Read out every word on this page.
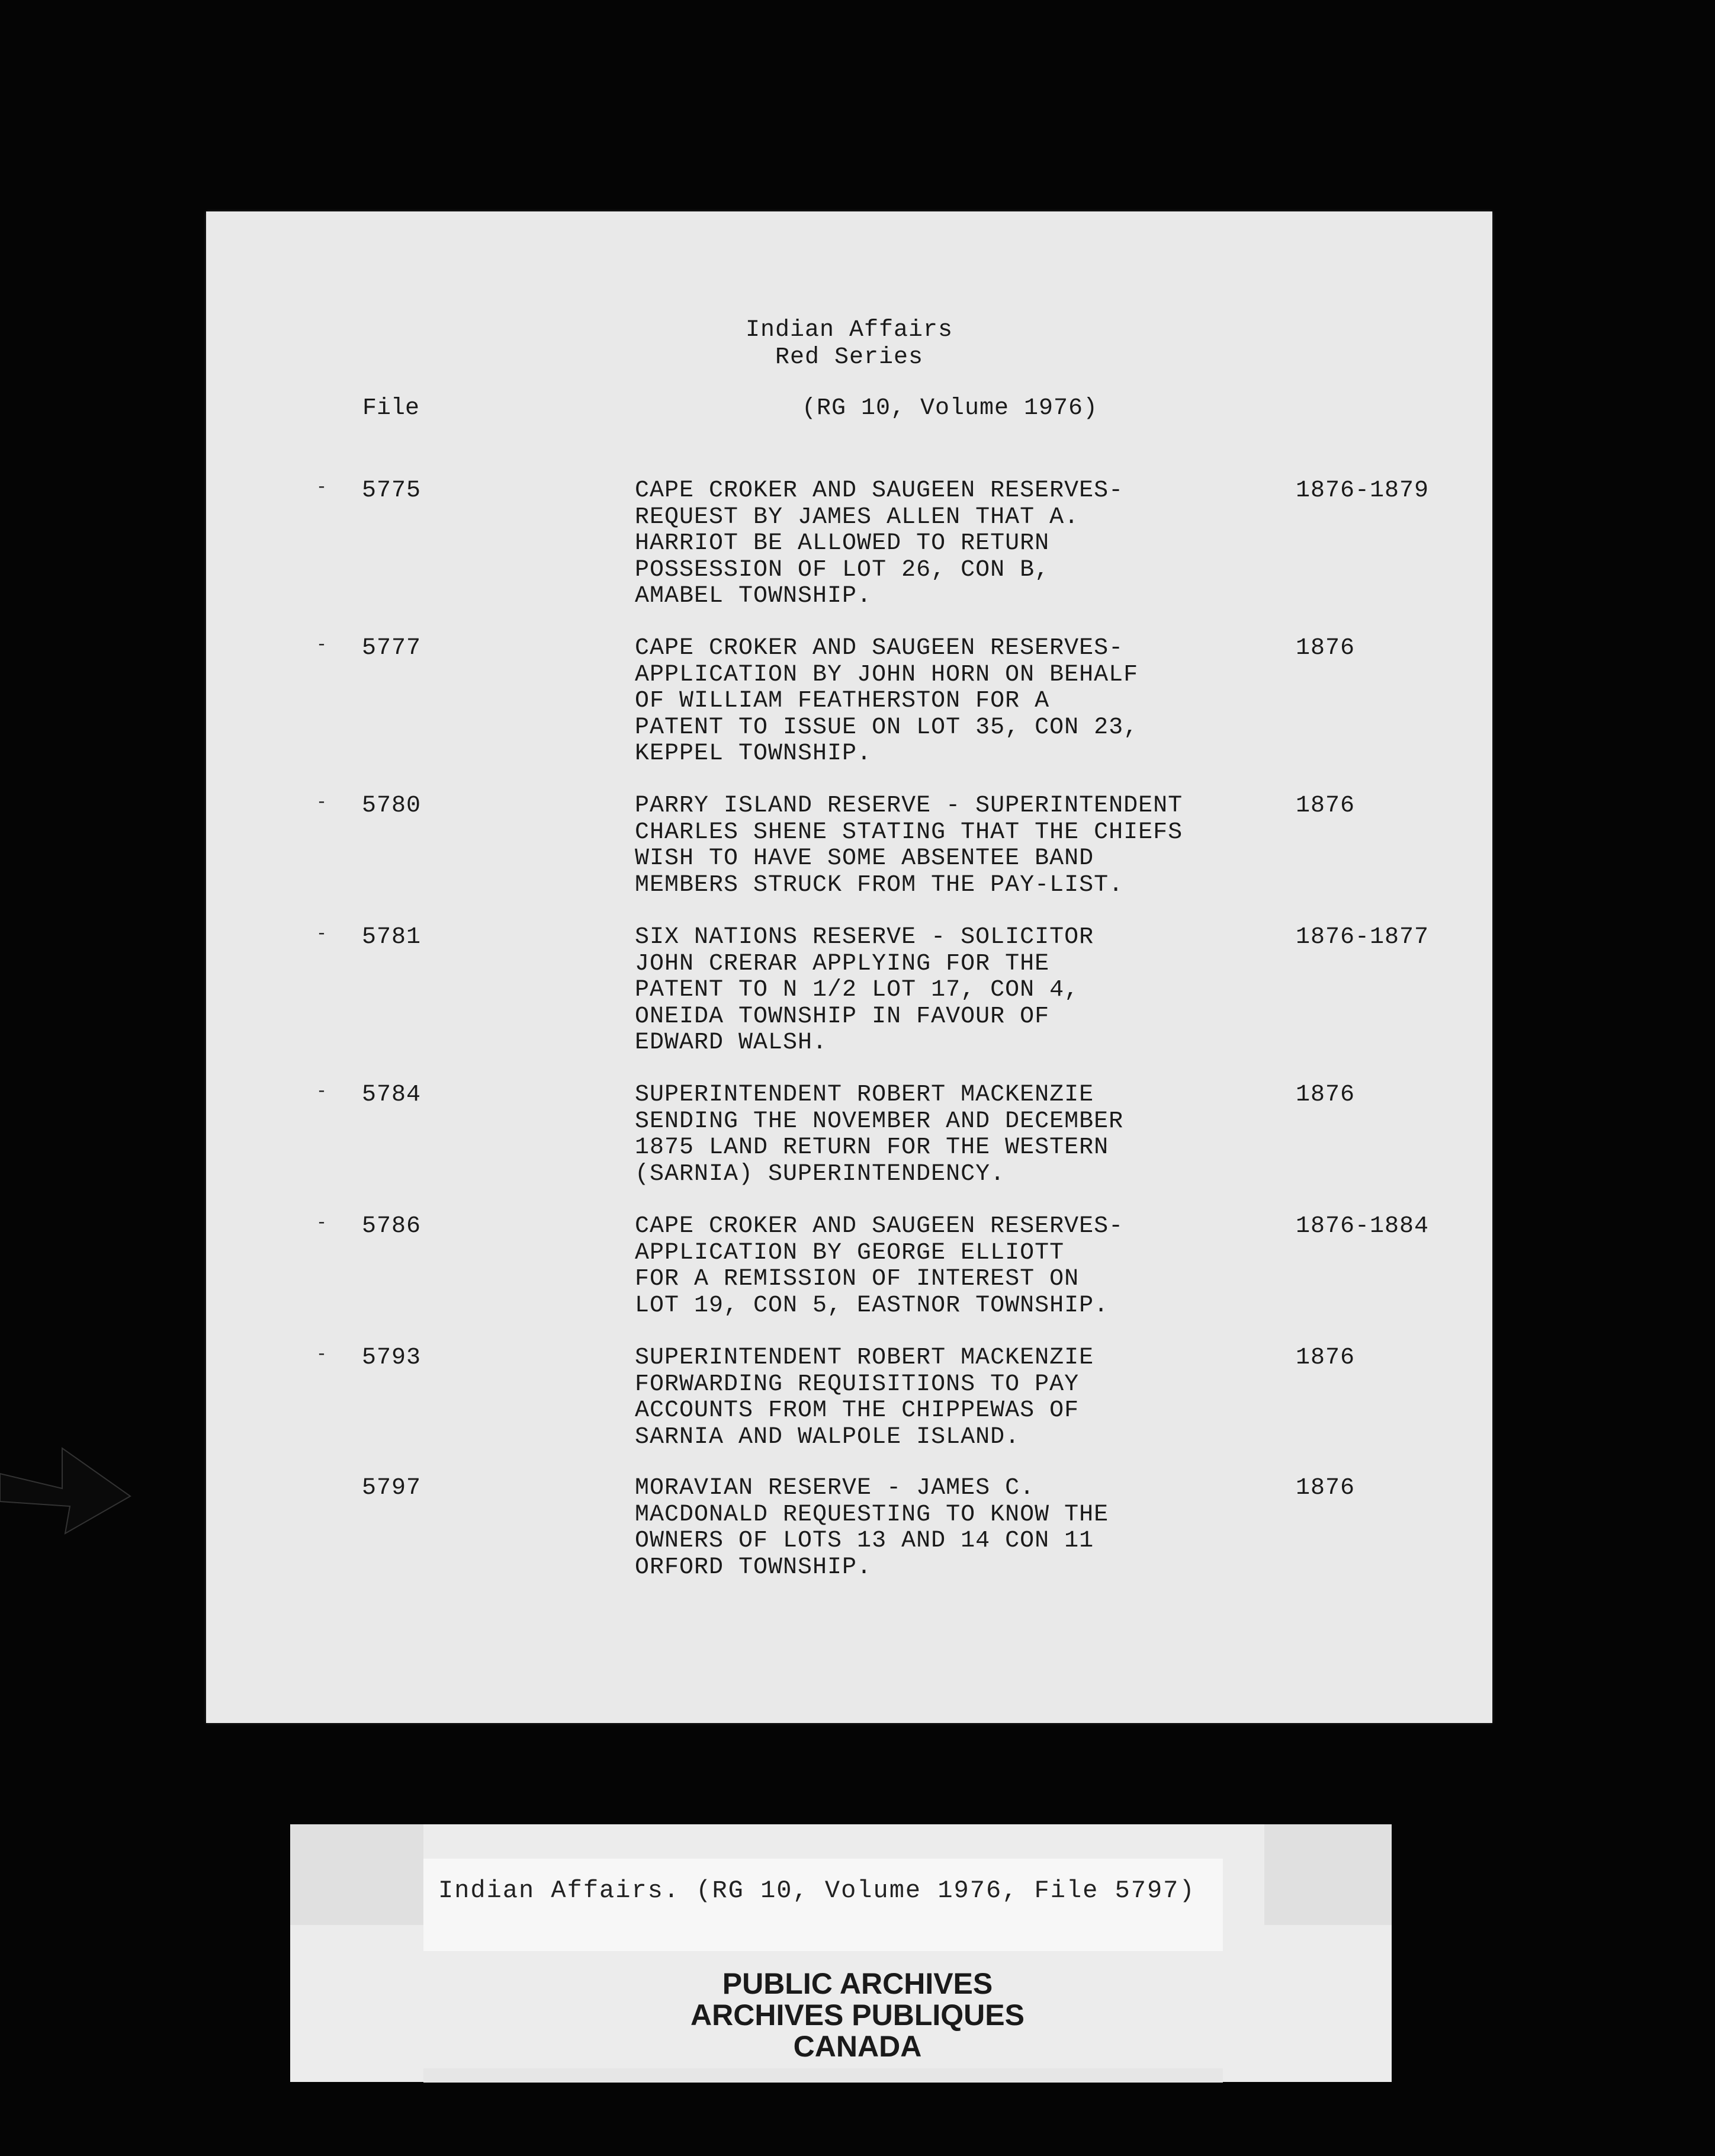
Indian Affairs
Red Series
File	(RG 10, Volume 1976)
- 5775	CAPE CROKER AND SAUGEEN RESERVES-
REQUEST BY JAMES ALLEN THAT A.
HARRIOT BE ALLOWED TO RETURN
POSSESSION OF LOT 26, CON B,
AMABEL TOWNSHIP.
1876-1879
- 5777	CAPE CROKER AND SAUGEEN RESERVES-
APPLICATION BY JOHN HORN ON BEHALF
OF WILLIAM FEATHERSTON FOR A
PATENT TO ISSUE ON LOT 35, CON 23,
KEPPEL TOWNSHIP.
1876
- 5780	PARRY ISLAND RESERVE - SUPERINTENDENT
CHARLES SHENE STATING THAT THE CHIEFS
WISH TO HAVE SOME ABSENTEE BAND
MEMBERS STRUCK FROM THE PAY-LIST.
1876
- 5781	SIX NATIONS RESERVE - SOLICITOR
JOHN CRERAR APPLYING FOR THE
PATENT TO N 1/2 LOT 17, CON 4,
ONEIDA TOWNSHIP IN FAVOUR OF
EDWARD WALSH.
1876-1877
- 5784	SUPERINTENDENT ROBERT MACKENZIE
SENDING THE NOVEMBER AND DECEMBER
1875 LAND RETURN FOR THE WESTERN
(SARNIA) SUPERINTENDENCY.
1876
- 5786	CAPE CROKER AND SAUGEEN RESERVES-
APPLICATION BY GEORGE ELLIOTT
FOR A REMISSION OF INTEREST ON
LOT 19, CON 5, EASTNOR TOWNSHIP.
1876-1884
- 5793	SUPERINTENDENT ROBERT MACKENZIE
FORWARDING REQUISITIONS TO PAY
ACCOUNTS FROM THE CHIPPEWAS OF
SARNIA AND WALPOLE ISLAND.
1876
5797	MORAVIAN RESERVE - JAMES C.
MACDONALD REQUESTING TO KNOW THE
OWNERS OF LOTS 13 AND 14 CON 11
ORFORD TOWNSHIP.
1876
Indian Affairs. (RG 10, Volume 1976, File 5797)
PUBLIC ARCHIVES
ARCHIVES PUBLIQUES
CANADA
